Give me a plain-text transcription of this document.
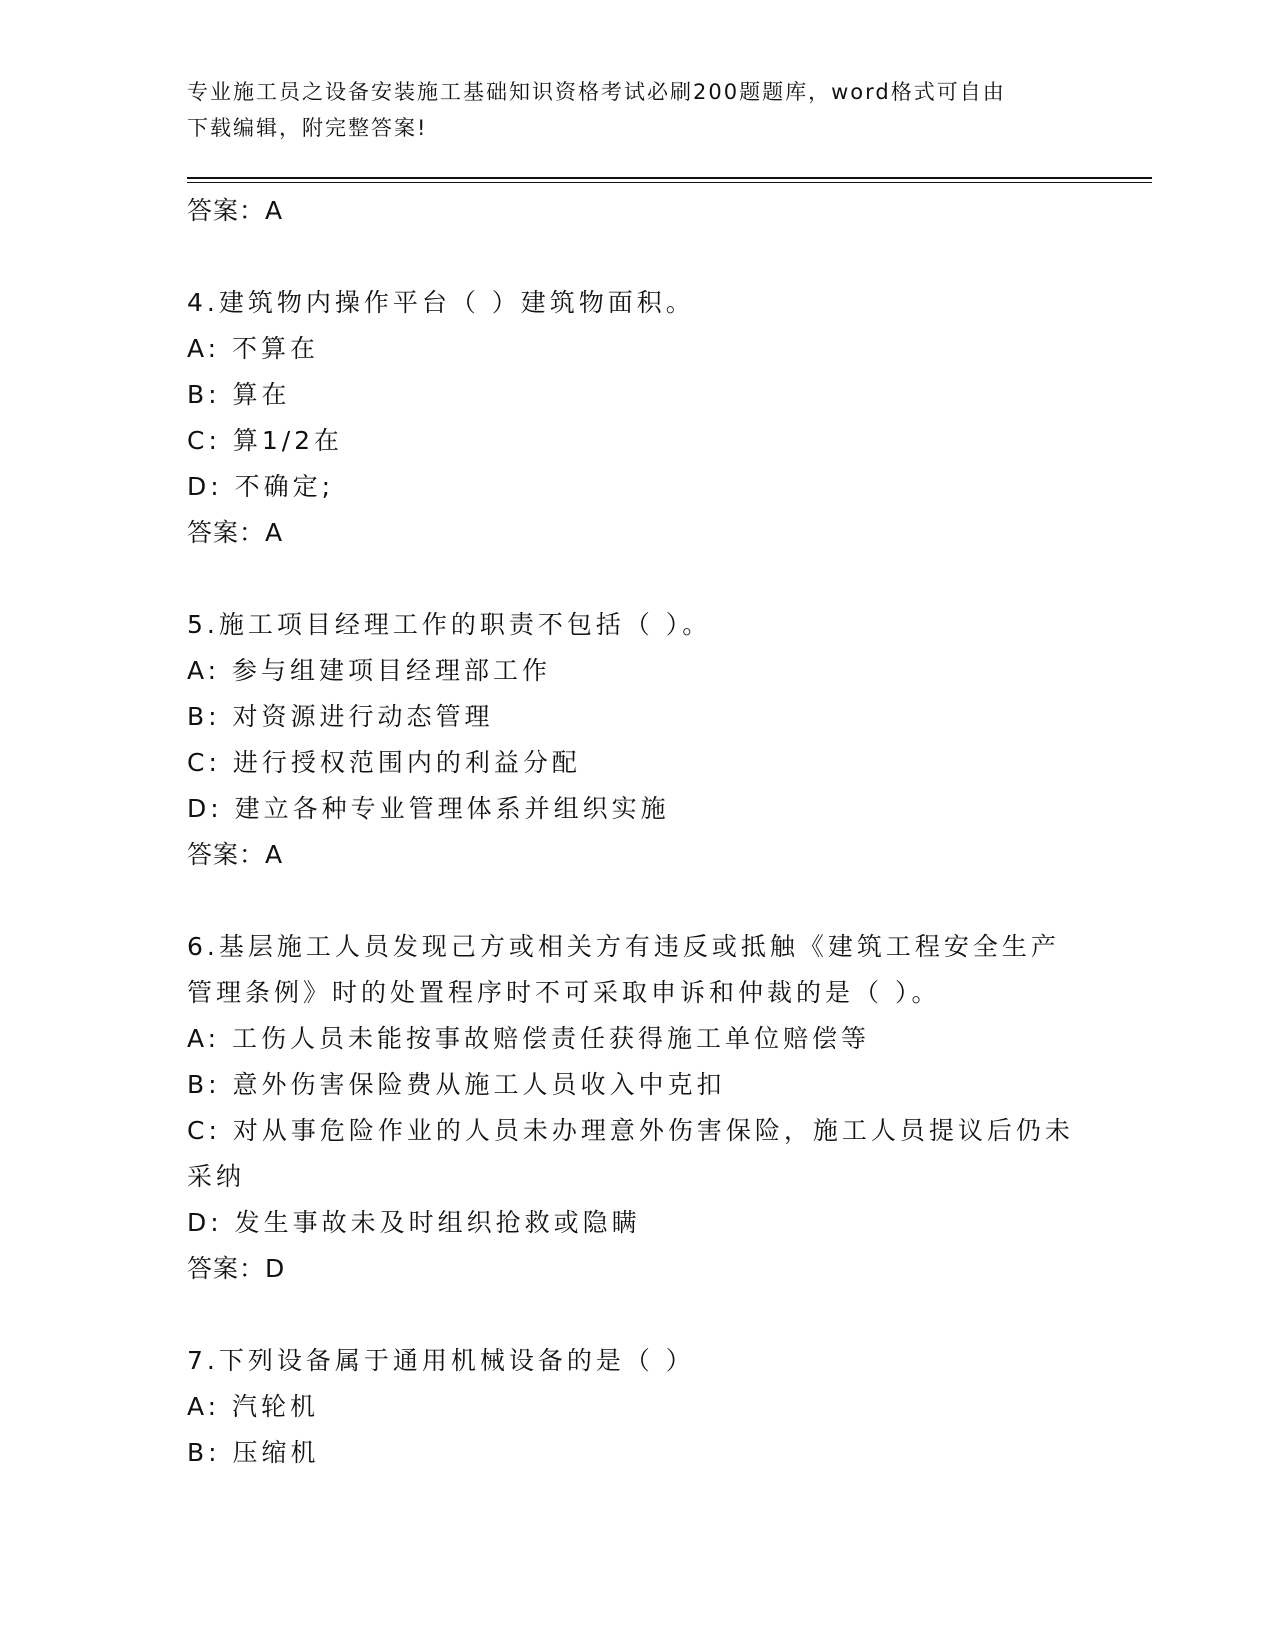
专业施工员之设备安装施工基础知识资格考试必刷200题题库，word格式可自由
下载编辑，附完整答案!
答案：A
4.建筑物内操作平台（ ）建筑物面积。
A: 不算在
B: 算在
C: 算1/2在
D: 不确定;
答案：A
5.施工项目经理工作的职责不包括（ ）。
A: 参与组建项目经理部工作
B: 对资源进行动态管理
C: 进行授权范围内的利益分配
D: 建立各种专业管理体系并组织实施
答案：A
6.基层施工人员发现己方或相关方有违反或抵触《建筑工程安全生产
管理条例》时的处置程序时不可采取申诉和仲裁的是（ ）。
A: 工伤人员未能按事故赔偿责任获得施工单位赔偿等
B: 意外伤害保险费从施工人员收入中克扣
C: 对从事危险作业的人员未办理意外伤害保险，施工人员提议后仍未
采纳
D: 发生事故未及时组织抢救或隐瞒
答案：D
7.下列设备属于通用机械设备的是（ ）
A: 汽轮机
B: 压缩机
